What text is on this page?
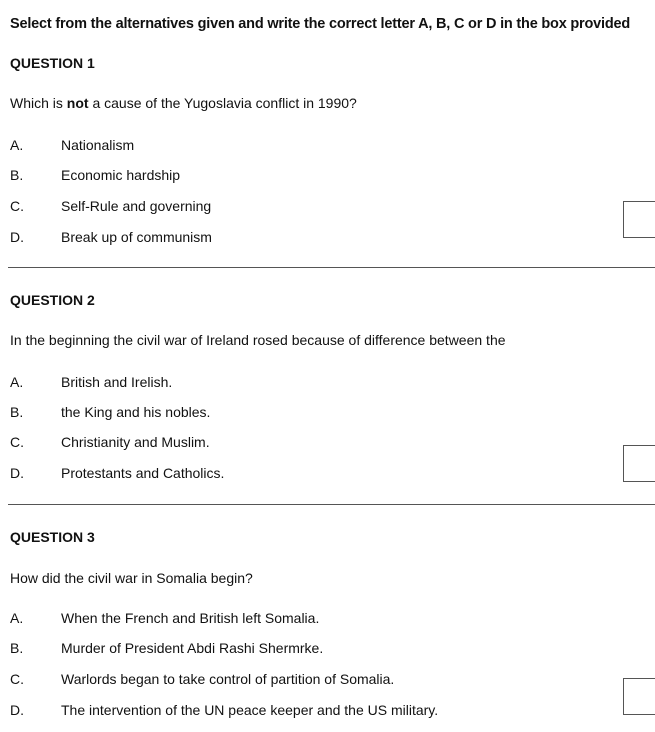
Select from the alternatives given and write the correct letter A, B, C or D in the box provided
QUESTION 1
Which is not a cause of the Yugoslavia conflict in 1990?
A.	Nationalism
B.	Economic hardship
C.	Self-Rule and governing
D.	Break up of communism
QUESTION 2
In the beginning the civil war of Ireland rosed because of difference between the
A.	British and Irelish.
B.	the King and his nobles.
C.	Christianity and Muslim.
D.	Protestants and Catholics.
QUESTION 3
How did the civil war in Somalia begin?
A.	When the French and British left Somalia.
B.	Murder of President Abdi Rashi Shermrke.
C.	Warlords began to take control of partition of Somalia.
D.	The intervention of the UN peace keeper and the US military.
